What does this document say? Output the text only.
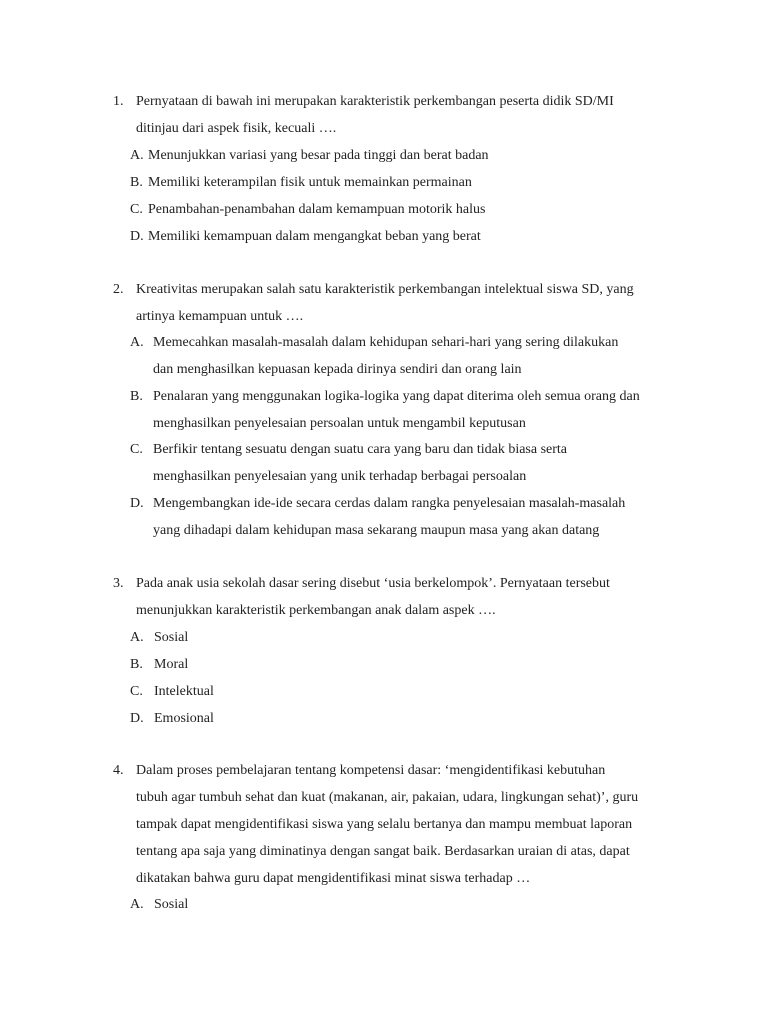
1. Pernyataan di bawah ini merupakan karakteristik perkembangan peserta didik SD/MI
ditinjau dari aspek fisik, kecuali ….
A. Menunjukkan variasi yang besar pada tinggi dan berat badan
B. Memiliki keterampilan fisik untuk memainkan permainan
C. Penambahan-penambahan dalam kemampuan motorik halus
D. Memiliki kemampuan dalam mengangkat beban yang berat
2. Kreativitas merupakan salah satu karakteristik perkembangan intelektual siswa SD, yang
artinya kemampuan untuk ….
A. Memecahkan masalah-masalah dalam kehidupan sehari-hari yang sering dilakukan
dan menghasilkan kepuasan kepada dirinya sendiri dan orang lain
B. Penalaran yang menggunakan logika-logika yang dapat diterima oleh semua orang dan
menghasilkan penyelesaian persoalan untuk mengambil keputusan
C. Berfikir tentang sesuatu dengan suatu cara yang baru dan tidak biasa serta
menghasilkan penyelesaian yang unik terhadap berbagai persoalan
D. Mengembangkan ide-ide secara cerdas dalam rangka penyelesaian masalah-masalah
yang dihadapi dalam kehidupan masa sekarang maupun masa yang akan datang
3. Pada anak usia sekolah dasar sering disebut ‘usia berkelompok’. Pernyataan tersebut
menunjukkan karakteristik perkembangan anak dalam aspek ….
A. Sosial
B. Moral
C. Intelektual
D. Emosional
4. Dalam proses pembelajaran tentang kompetensi dasar: ‘mengidentifikasi kebutuhan
tubuh agar tumbuh sehat dan kuat (makanan, air, pakaian, udara, lingkungan sehat)’, guru
tampak dapat mengidentifikasi siswa yang selalu bertanya dan mampu membuat laporan
tentang apa saja yang diminatinya dengan sangat baik. Berdasarkan uraian di atas, dapat
dikatakan bahwa guru dapat mengidentifikasi minat siswa terhadap …
A. Sosial
